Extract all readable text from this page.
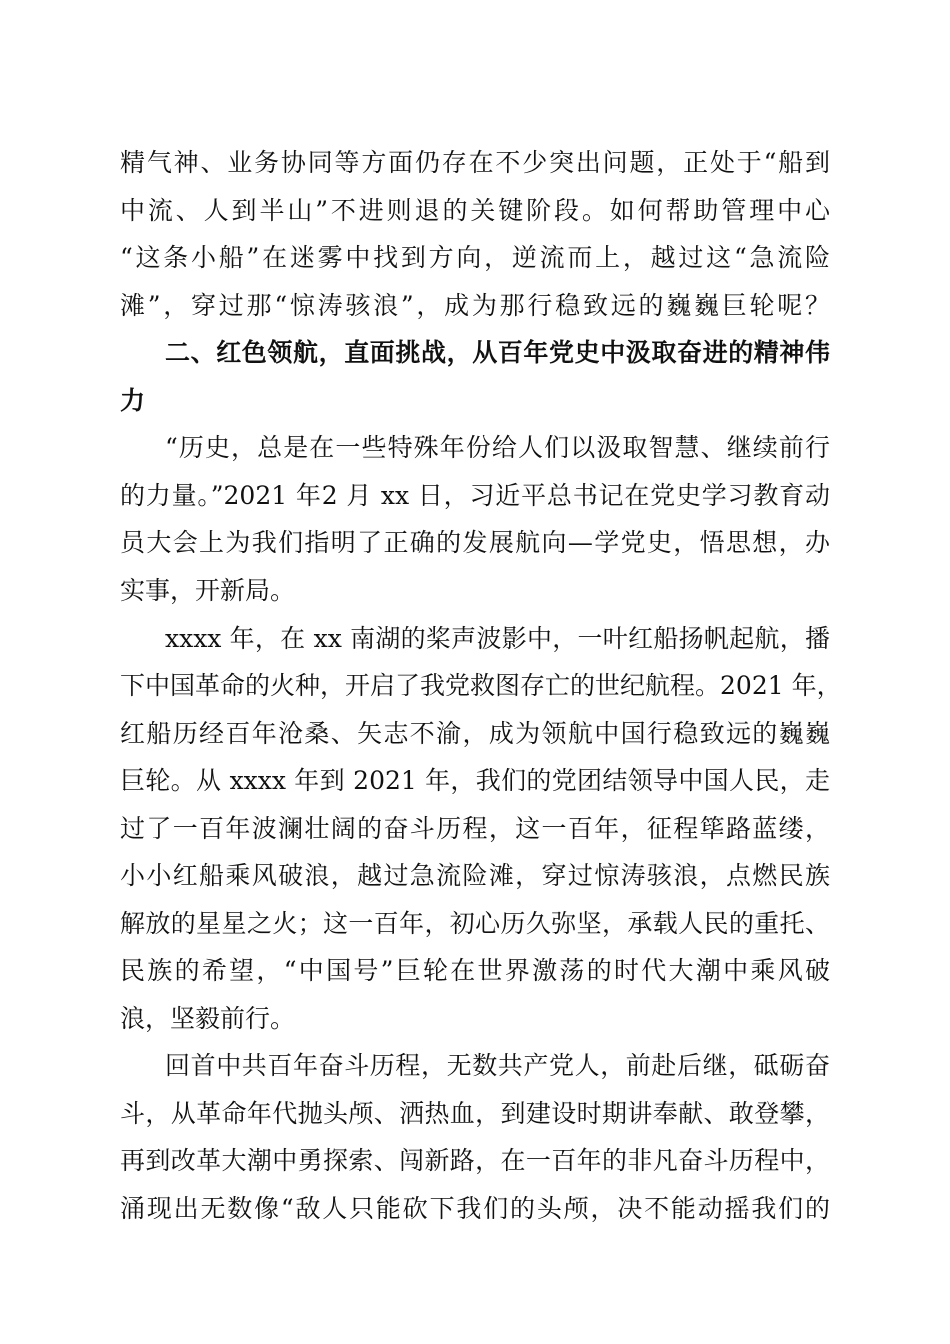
精气神、业务协同等方面仍存在不少突出问题，正处于“船到
中流、人到半山”不进则退的关键阶段。如何帮助管理中心
“这条小船”在迷雾中找到方向，逆流而上，越过这“急流险
滩”，穿过那“惊涛骇浪”，成为那行稳致远的巍巍巨轮呢？
二、红色领航，直面挑战，从百年党史中汲取奋进的精神伟
力
“历史，总是在一些特殊年份给人们以汲取智慧、继续前行
的力量。”2021 年2 月 xx 日，习近平总书记在党史学习教育动
员大会上为我们指明了正确的发展航向—学党史，悟思想，办
实事，开新局。
xxxx 年，在 xx 南湖的桨声波影中，一叶红船扬帆起航，播
下中国革命的火种，开启了我党救图存亡的世纪航程。2021 年，
红船历经百年沧桑、矢志不渝，成为领航中国行稳致远的巍巍
巨轮。从 xxxx 年到 2021 年，我们的党团结领导中国人民，走
过了一百年波澜壮阔的奋斗历程，这一百年，征程筚路蓝缕，
小小红船乘风破浪，越过急流险滩，穿过惊涛骇浪，点燃民族
解放的星星之火；这一百年，初心历久弥坚，承载人民的重托、
民族的希望，“中国号”巨轮在世界激荡的时代大潮中乘风破
浪，坚毅前行。
回首中共百年奋斗历程，无数共产党人，前赴后继，砥砺奋
斗，从革命年代抛头颅、洒热血，到建设时期讲奉献、敢登攀，
再到改革大潮中勇探索、闯新路，在一百年的非凡奋斗历程中，
涌现出无数像“敌人只能砍下我们的头颅，决不能动摇我们的
